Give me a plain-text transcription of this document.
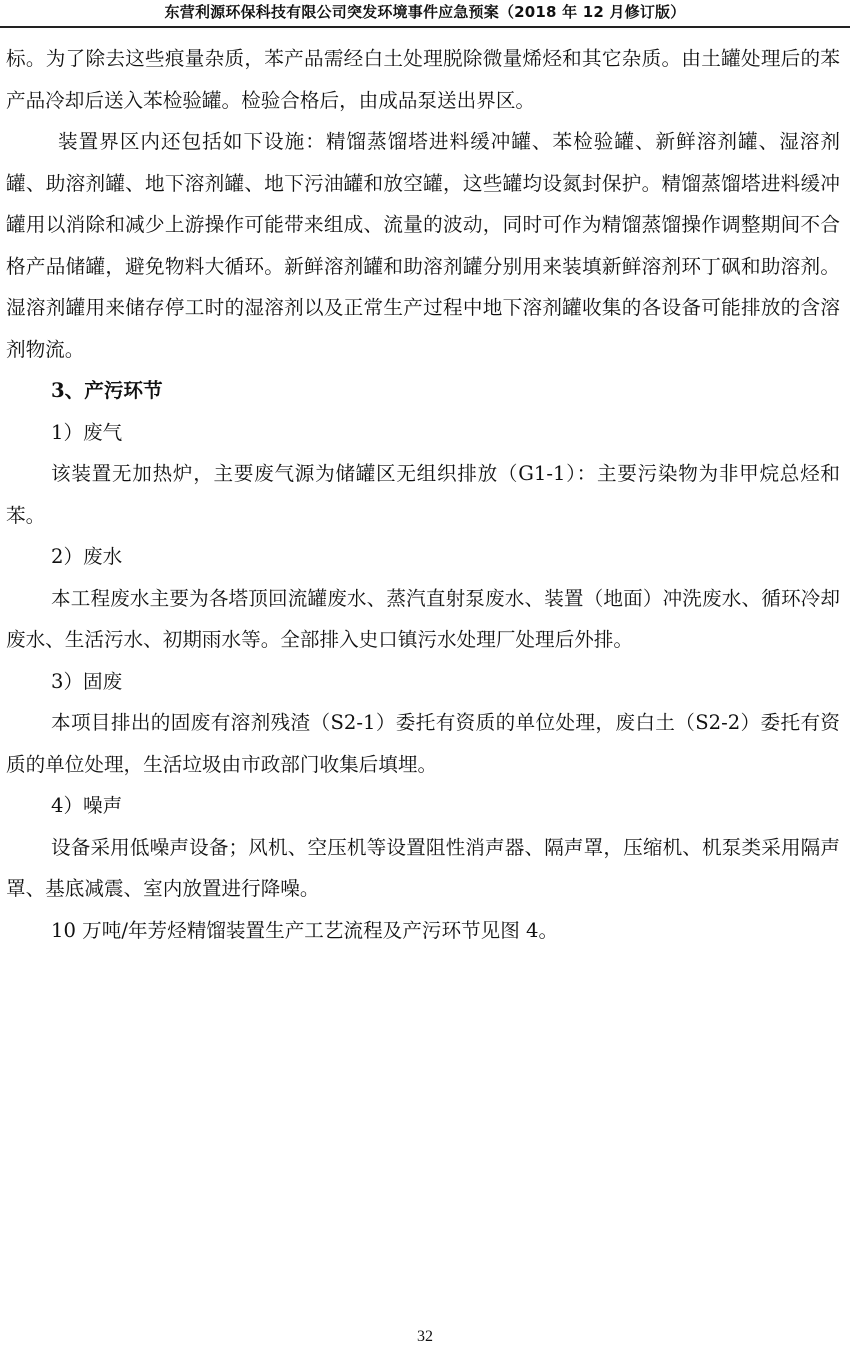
东营利源环保科技有限公司突发环境事件应急预案（2018 年 12 月修订版）

标。为了除去这些痕量杂质，苯产品需经白土处理脱除微量烯烃和其它杂质。由土罐处理后的苯产品冷却后送入苯检验罐。检验合格后，由成品泵送出界区。

装置界区内还包括如下设施：精馏蒸馏塔进料缓冲罐、苯检验罐、新鲜溶剂罐、湿溶剂罐、助溶剂罐、地下溶剂罐、地下污油罐和放空罐，这些罐均设氮封保护。精馏蒸馏塔进料缓冲罐用以消除和减少上游操作可能带来组成、流量的波动，同时可作为精馏蒸馏操作调整期间不合格产品储罐，避免物料大循环。新鲜溶剂罐和助溶剂罐分别用来装填新鲜溶剂环丁砜和助溶剂。湿溶剂罐用来储存停工时的湿溶剂以及正常生产过程中地下溶剂罐收集的各设备可能排放的含溶剂物流。

3、产污环节

1）废气

该装置无加热炉，主要废气源为储罐区无组织排放（G1-1）：主要污染物为非甲烷总烃和苯。

2）废水

本工程废水主要为各塔顶回流罐废水、蒸汽直射泵废水、装置（地面）冲洗废水、循环冷却废水、生活污水、初期雨水等。全部排入史口镇污水处理厂处理后外排。

3）固废

本项目排出的固废有溶剂残渣（S2-1）委托有资质的单位处理，废白土（S2-2）委托有资质的单位处理，生活垃圾由市政部门收集后填埋。

4）噪声

设备采用低噪声设备；风机、空压机等设置阻性消声器、隔声罩，压缩机、机泵类采用隔声罩、基底减震、室内放置进行降噪。

10 万吨/年芳烃精馏装置生产工艺流程及产污环节见图 4。

32
